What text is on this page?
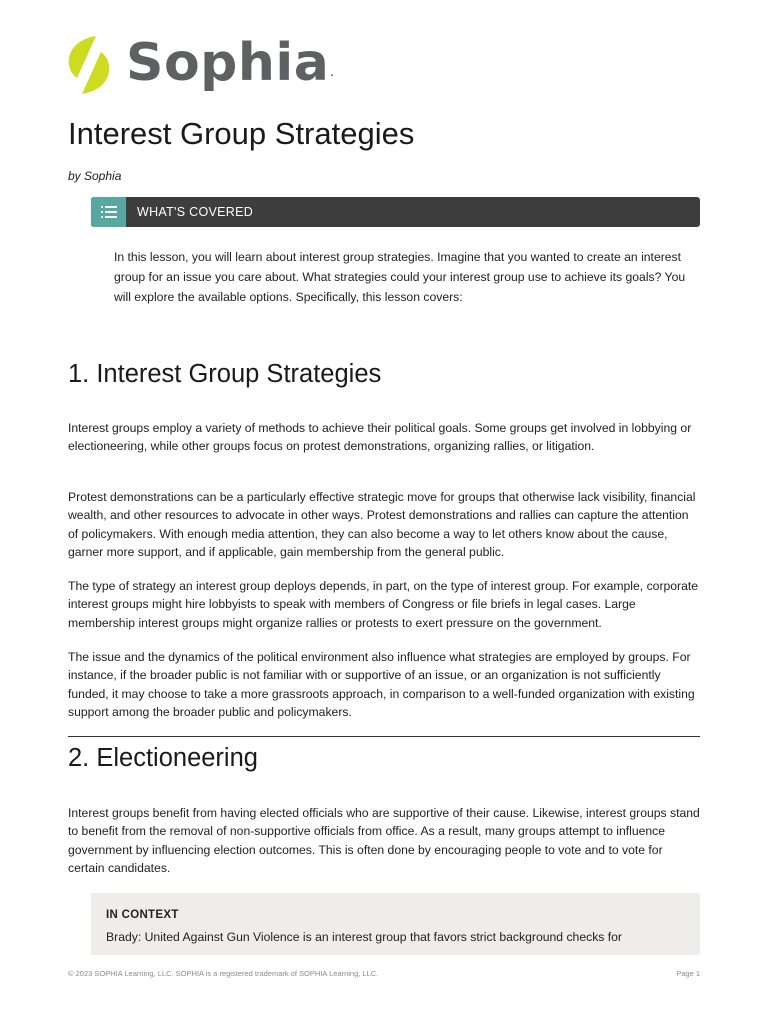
Sophia.
Interest Group Strategies
by Sophia
WHAT'S COVERED

In this lesson, you will learn about interest group strategies. Imagine that you wanted to create an interest group for an issue you care about. What strategies could your interest group use to achieve its goals? You will explore the available options. Specifically, this lesson covers:

1. Interest Group Strategies

Interest groups employ a variety of methods to achieve their political goals. Some groups get involved in lobbying or electioneering, while other groups focus on protest demonstrations, organizing rallies, or litigation.

Protest demonstrations can be a particularly effective strategic move for groups that otherwise lack visibility, financial wealth, and other resources to advocate in other ways. Protest demonstrations and rallies can capture the attention of policymakers. With enough media attention, they can also become a way to let others know about the cause, garner more support, and if applicable, gain membership from the general public.

The type of strategy an interest group deploys depends, in part, on the type of interest group. For example, corporate interest groups might hire lobbyists to speak with members of Congress or file briefs in legal cases. Large membership interest groups might organize rallies or protests to exert pressure on the government.

The issue and the dynamics of the political environment also influence what strategies are employed by groups. For instance, if the broader public is not familiar with or supportive of an issue, or an organization is not sufficiently funded, it may choose to take a more grassroots approach, in comparison to a well-funded organization with existing support among the broader public and policymakers.

2. Electioneering

Interest groups benefit from having elected officials who are supportive of their cause. Likewise, interest groups stand to benefit from the removal of non-supportive officials from office. As a result, many groups attempt to influence government by influencing election outcomes. This is often done by encouraging people to vote and to vote for certain candidates.

IN CONTEXT
Brady: United Against Gun Violence is an interest group that favors strict background checks for
© 2023 SOPHIA Learning, LLC. SOPHIA is a registered trademark of SOPHIA Learning, LLC.	Page 1
